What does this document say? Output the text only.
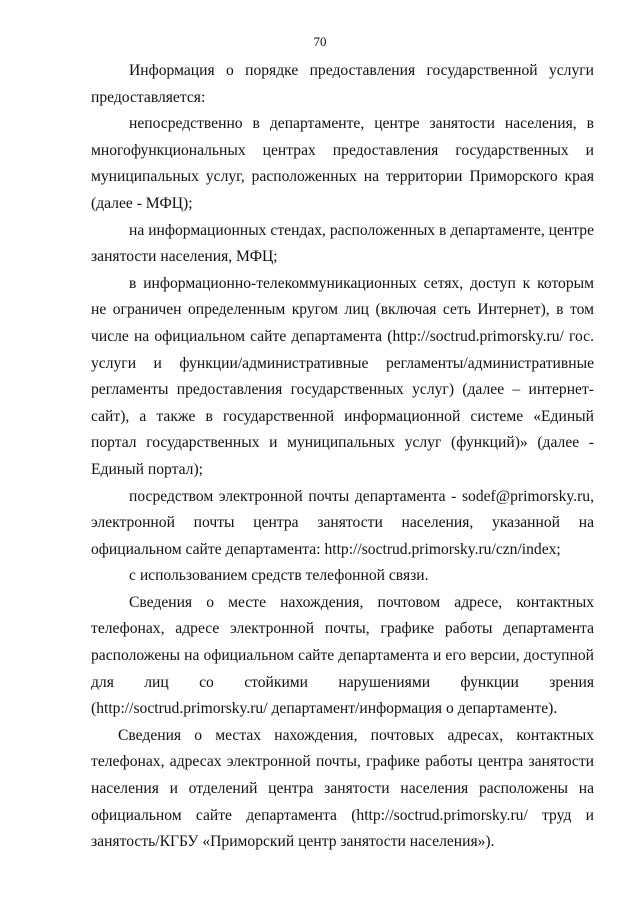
70

Информация о порядке предоставления государственной услуги предоставляется:

непосредственно в департаменте, центре занятости населения, в многофункциональных центрах предоставления государственных и муниципальных услуг, расположенных на территории Приморского края (далее - МФЦ);

на информационных стендах, расположенных в департаменте, центре занятости населения, МФЦ;

в информационно-телекоммуникационных сетях, доступ к которым не ограничен определенным кругом лиц (включая сеть Интернет), в том числе на официальном сайте департамента (http://soctrud.primorsky.ru/ гос. услуги и функции/административные регламенты/административные регламенты предоставления государственных услуг) (далее – интернет-сайт), а также в государственной информационной системе «Единый портал государственных и муниципальных услуг (функций)» (далее - Единый портал);

посредством электронной почты департамента - sodef@primorsky.ru, электронной почты центра занятости населения, указанной на официальном сайте департамента: http://soctrud.primorsky.ru/czn/index;

с использованием средств телефонной связи.

Сведения о месте нахождения, почтовом адресе, контактных телефонах, адресе электронной почты, графике работы департамента расположены на официальном сайте департамента и его версии, доступной для лиц со стойкими нарушениями функции зрения (http://soctrud.primorsky.ru/ департамент/информация о департаменте).

Сведения о местах нахождения, почтовых адресах, контактных телефонах, адресах электронной почты, графике работы центра занятости населения и отделений центра занятости населения расположены на официальном сайте департамента (http://soctrud.primorsky.ru/ труд и занятость/КГБУ «Приморский центр занятости населения»).
